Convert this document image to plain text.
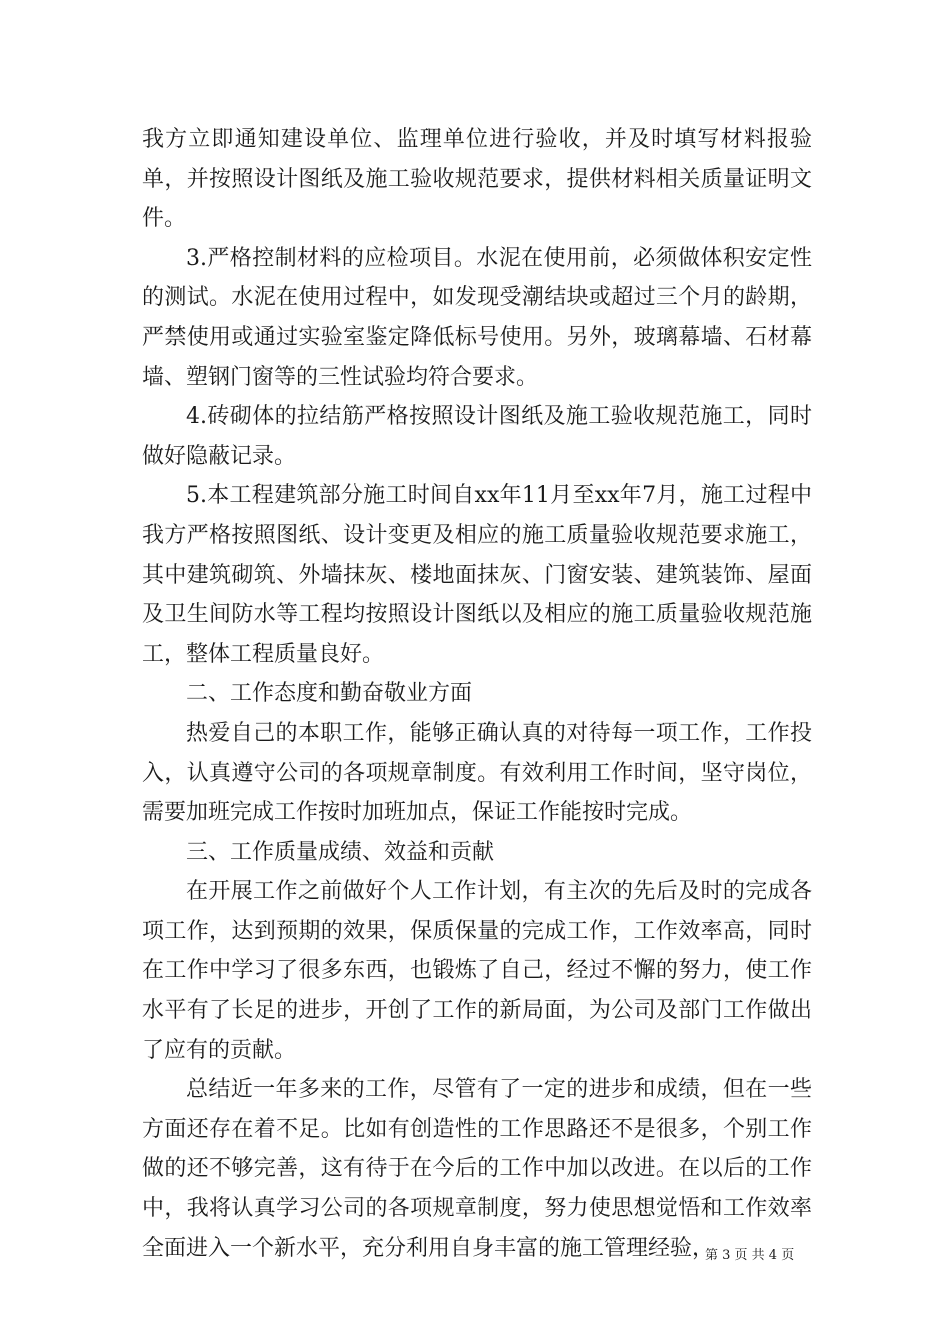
我方立即通知建设单位、监理单位进行验收，并及时填写材料报验单，并按照设计图纸及施工验收规范要求，提供材料相关质量证明文件。

3.严格控制材料的应检项目。水泥在使用前，必须做体积安定性的测试。水泥在使用过程中，如发现受潮结块或超过三个月的龄期，严禁使用或通过实验室鉴定降低标号使用。另外，玻璃幕墙、石材幕墙、塑钢门窗等的三性试验均符合要求。

4.砖砌体的拉结筋严格按照设计图纸及施工验收规范施工，同时做好隐蔽记录。

5.本工程建筑部分施工时间自xx年11月至xx年7月，施工过程中我方严格按照图纸、设计变更及相应的施工质量验收规范要求施工，其中建筑砌筑、外墙抹灰、楼地面抹灰、门窗安装、建筑装饰、屋面及卫生间防水等工程均按照设计图纸以及相应的施工质量验收规范施工，整体工程质量良好。

二、工作态度和勤奋敬业方面

热爱自己的本职工作，能够正确认真的对待每一项工作，工作投入，认真遵守公司的各项规章制度。有效利用工作时间，坚守岗位，需要加班完成工作按时加班加点，保证工作能按时完成。

三、工作质量成绩、效益和贡献

在开展工作之前做好个人工作计划，有主次的先后及时的完成各项工作，达到预期的效果，保质保量的完成工作，工作效率高，同时在工作中学习了很多东西，也锻炼了自己，经过不懈的努力，使工作水平有了长足的进步，开创了工作的新局面，为公司及部门工作做出了应有的贡献。

总结近一年多来的工作，尽管有了一定的进步和成绩，但在一些方面还存在着不足。比如有创造性的工作思路还不是很多，个别工作做的还不够完善，这有待于在今后的工作中加以改进。在以后的工作中，我将认真学习公司的各项规章制度，努力使思想觉悟和工作效率全面进入一个新水平，充分利用自身丰富的施工管理经验，

第 3 页 共 4 页
